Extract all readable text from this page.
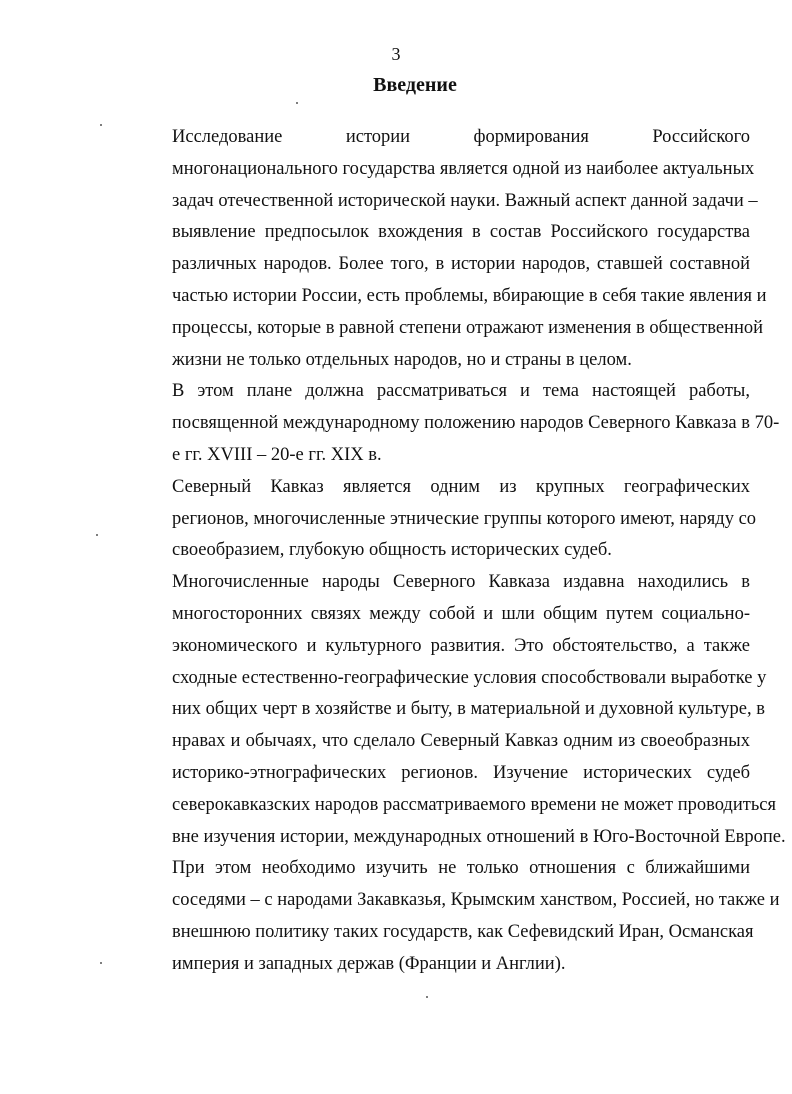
3
Введение
Исследование истории формирования Российского
многонационального государства является одной из наиболее актуальных
задач отечественной исторической науки. Важный аспект данной задачи –
выявление предпосылок вхождения в состав Российского государства
различных народов. Более того, в истории народов, ставшей составной
частью истории России, есть проблемы, вбирающие в себя такие явления и
процессы, которые в равной степени отражают изменения в общественной
жизни не только отдельных народов, но и страны в целом.
В этом плане должна рассматриваться и тема настоящей работы,
посвященной международному положению народов Северного Кавказа в 70-
е гг. XVIII – 20-е гг. XIX в.
Северный Кавказ является одним из крупных географических
регионов, многочисленные этнические группы которого имеют, наряду со
своеобразием, глубокую общность исторических судеб.
Многочисленные народы Северного Кавказа издавна находились в
многосторонних связях между собой и шли общим путем социально-
экономического и культурного развития. Это обстоятельство, а также
сходные естественно-географические условия способствовали выработке у
них общих черт в хозяйстве и быту, в материальной и духовной культуре, в
нравах и обычаях, что сделало Северный Кавказ одним из своеобразных
историко-этнографических регионов. Изучение исторических судеб
северокавказских народов рассматриваемого времени не может проводиться
вне изучения истории, международных отношений в Юго-Восточной Европе.
При этом необходимо изучить не только отношения с ближайшими
соседями – с народами Закавказья, Крымским ханством, Россией, но также и
внешнюю политику таких государств, как Сефевидский Иран, Османская
империя и западных держав (Франции и Англии).
